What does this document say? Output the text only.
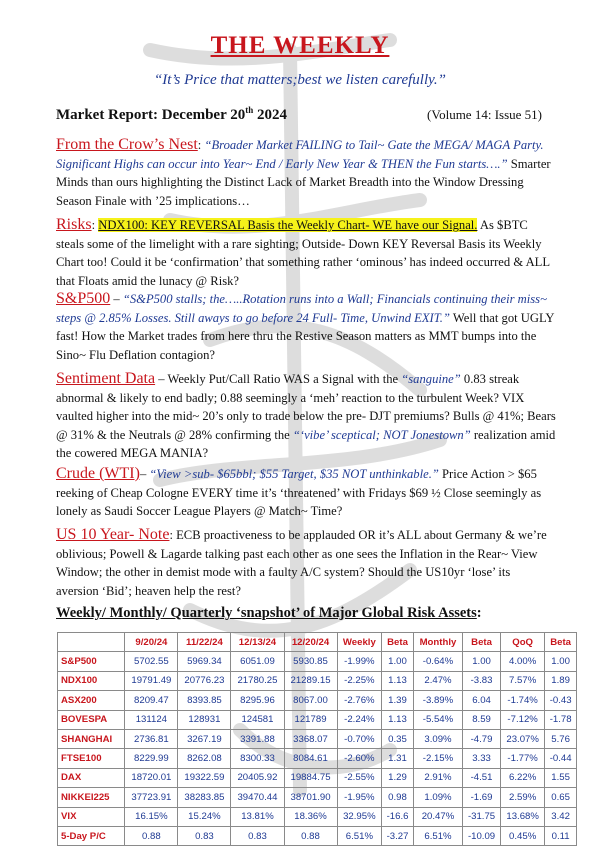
THE WEEKLY
“It’s Price that matters;best we listen carefully.”
Market Report: December 20th 2024	(Volume 14: Issue 51)
From the Crow’s Nest: “Broader Market FAILING to Tail~ Gate the MEGA/ MAGA Party. Significant Highs can occur into Year~ End / Early New Year & THEN the Fun starts….” Smarter Minds than ours highlighting the Distinct Lack of Market Breadth into the Window Dressing Season Finale with ’25 implications…
Risks: NDX100: KEY REVERSAL Basis the Weekly Chart- WE have our Signal. As $BTC steals some of the limelight with a rare sighting; Outside- Down KEY Reversal Basis its Weekly Chart too! Could it be ‘confirmation’ that something rather ‘ominous’ has indeed occurred & ALL that Floats amid the lunacy @ Risk?
S&P500 – “S&P500 stalls; the…..Rotation runs into a Wall; Financials continuing their miss~ steps @ 2.85% Losses. Still aways to go before 24 Full- Time, Unwind EXIT.” Well that got UGLY fast! How the Market trades from here thru the Restive Season matters as MMT bumps into the Sino~ Flu Deflation contagion?
Sentiment Data – Weekly Put/Call Ratio WAS a Signal with the “sanguine” 0.83 streak abnormal & likely to end badly; 0.88 seemingly a ‘meh’ reaction to the turbulent Week? VIX vaulted higher into the mid~ 20’s only to trade below the pre- DJT premiums? Bulls @ 41%; Bears @ 31% & the Neutrals @ 28% confirming the “‘vibe’ sceptical; NOT Jonestown” realization amid the cowered MEGA MANIA?
Crude (WTI)– “View >sub- $65bbl; $55 Target, $35 NOT unthinkable.” Price Action > $65 reeking of Cheap Cologne EVERY time it’s ‘threatened’ with Fridays $69 ½ Close seemingly as lonely as Saudi Soccer League Players @ Match~ Time?
US 10 Year- Note: ECB proactiveness to be applauded OR it’s ALL about Germany & we’re oblivious; Powell & Lagarde talking past each other as one sees the Inflation in the Rear~ View Window; the other in demist mode with a faulty A/C system? Should the US10yr ‘lose’ its aversion ‘Bid’; heaven help the rest?
Weekly/ Monthly/ Quarterly ‘snapshot’ of Major Global Risk Assets:
	9/20/24	11/22/24	12/13/24	12/20/24	Weekly	Beta	Monthly	Beta	QoQ	Beta
S&P500	5702.55	5969.34	6051.09	5930.85	-1.99%	1.00	-0.64%	1.00	4.00%	1.00
NDX100	19791.49	20776.23	21780.25	21289.15	-2.25%	1.13	2.47%	-3.83	7.57%	1.89
ASX200	8209.47	8393.85	8295.96	8067.00	-2.76%	1.39	-3.89%	6.04	-1.74%	-0.43
BOVESPA	131124	128931	124581	121789	-2.24%	1.13	-5.54%	8.59	-7.12%	-1.78
SHANGHAI	2736.81	3267.19	3391.88	3368.07	-0.70%	0.35	3.09%	-4.79	23.07%	5.76
FTSE100	8229.99	8262.08	8300.33	8084.61	-2.60%	1.31	-2.15%	3.33	-1.77%	-0.44
DAX	18720.01	19322.59	20405.92	19884.75	-2.55%	1.29	2.91%	-4.51	6.22%	1.55
NIKKEI225	37723.91	38283.85	39470.44	38701.90	-1.95%	0.98	1.09%	-1.69	2.59%	0.65
VIX	16.15%	15.24%	13.81%	18.36%	32.95%	-16.6	20.47%	-31.75	13.68%	3.42
5-Day P/C	0.88	0.83	0.83	0.88	6.51%	-3.27	6.51%	-10.09	0.45%	0.11
